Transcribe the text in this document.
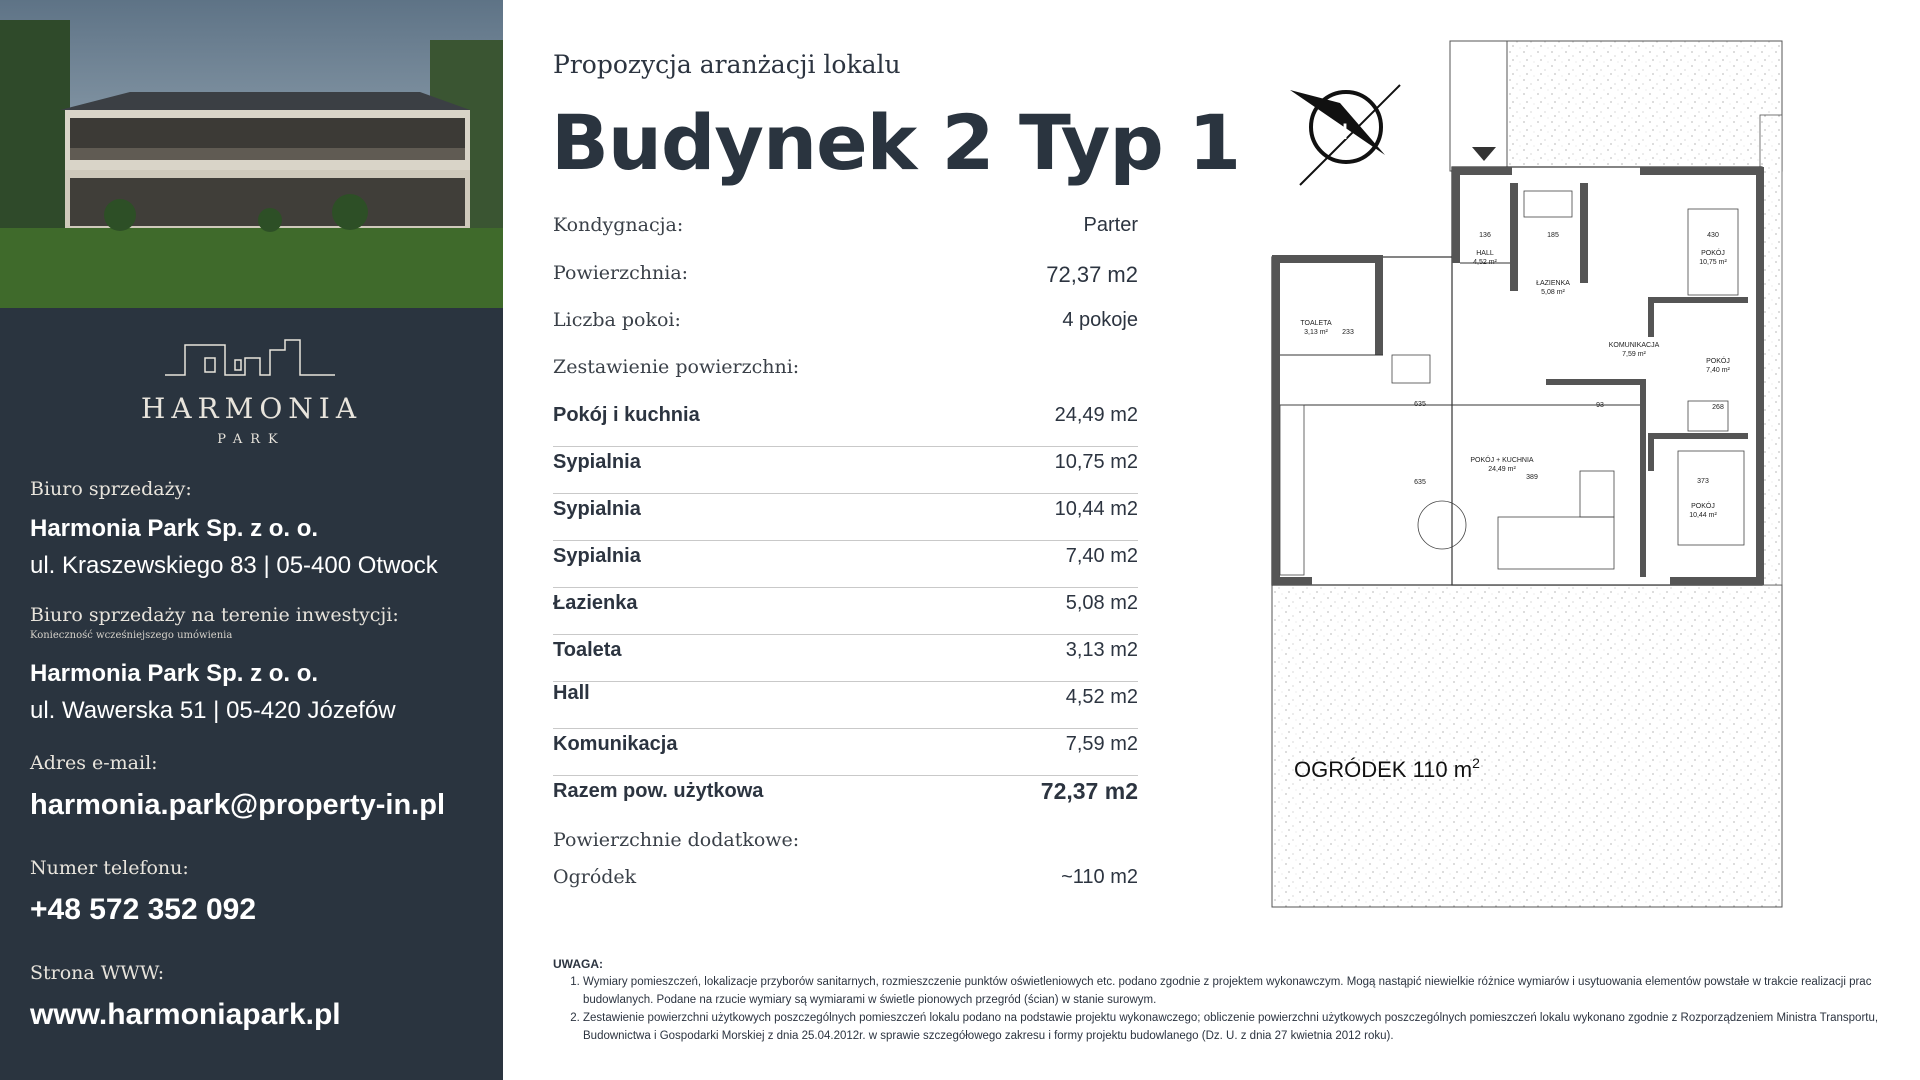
HARMONIA
PARK
Biuro sprzedaży:
Harmonia Park Sp. z o. o.
ul. Kraszewskiego 83 | 05-400 Otwock
Biuro sprzedaży na terenie inwestycji:
Konieczność wcześniejszego umówienia
Harmonia Park Sp. z o. o.
ul. Wawerska 51 | 05-420 Józefów
Adres e-mail:
harmonia.park@property-in.pl
Numer telefonu:
+48 572 352 092
Strona WWW:
www.harmoniapark.pl
Propozycja aranżacji lokalu
Budynek 2 Typ 1
Kondygnacja:	Parter
Powierzchnia:	72,37 m2
Liczba pokoi:	4 pokoje
Zestawienie powierzchni:
Pokój i kuchnia	24,49 m2
Sypialnia	10,75 m2
Sypialnia	10,44 m2
Sypialnia	7,40 m2
Łazienka	5,08 m2
Toaleta	3,13 m2
Hall	4,52 m2
Komunikacja	7,59 m2
Razem pow. użytkowa	72,37 m2
Powierzchnie dodatkowe:
Ogródek	~110 m2
UWAGA:
1. Wymiary pomieszczeń, lokalizacje przyborów sanitarnych, rozmieszczenie punktów oświetleniowych etc. podano zgodnie z projektem wykonawczym. Mogą nastąpić niewielkie różnice wymiarów i usytuowania elementów powstałe w trakcie realizacji prac budowlanych. Podane na rzucie wymiary są wymiarami w świetle pionowych przegród (ścian) w stanie surowym.
2. Zestawienie powierzchni użytkowych poszczególnych pomieszczeń lokalu podano na podstawie projektu wykonawczego; obliczenie powierzchni użytkowych poszczególnych pomieszczeń lokalu wykonano zgodnie z Rozporządzeniem Ministra Transportu, Budownictwa i Gospodarki Morskiej z dnia 25.04.2012r. w sprawie szczegółowego zakresu i formy projektu budowlanego (Dz. U. z dnia 27 kwietnia 2012 roku).
N
HALL
4,52 m²
136
ŁAZIENKA
5,08 m²
185
TOALETA
3,13 m² 233
KOMUNIKACJA
7,59 m²
POKÓJ
10,75 m²
430
POKÓJ
7,40 m²
268
POKÓJ
10,44 m²
373
POKÓJ + KUCHNIA
24,49 m²
635
635
389
93
OGRÓDEK 110 $m^2$
